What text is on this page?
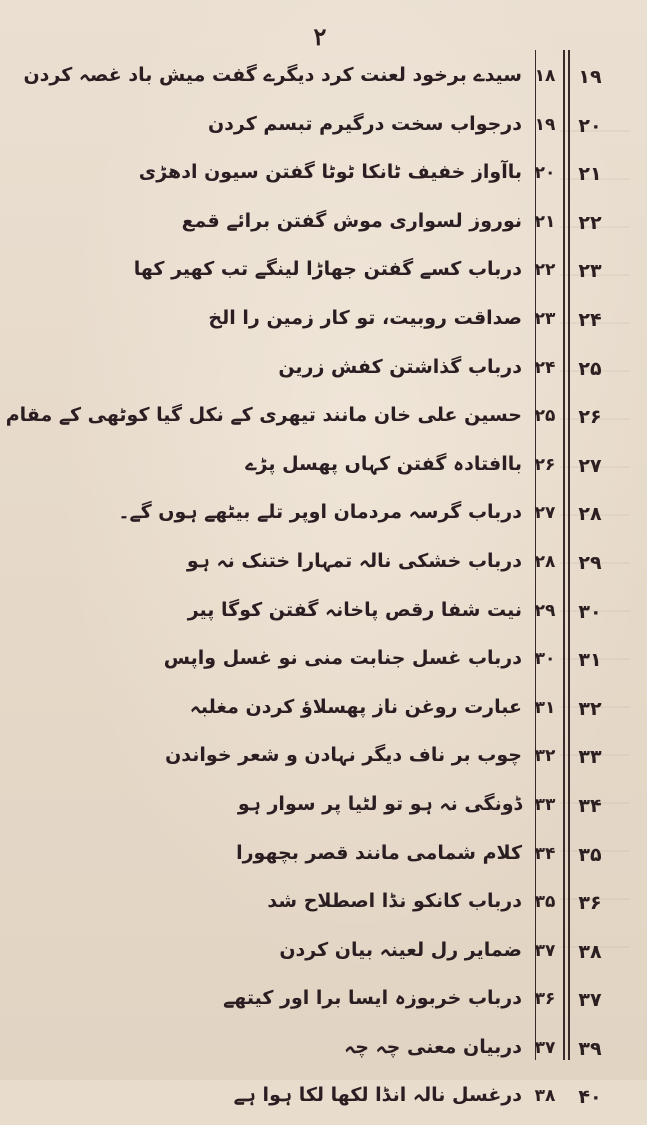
۲
۱۹
۱۸
سیدے برخود لعنت کرد دیگرے گفت میش باد غصہ کردن
۲۰
۱۹
درجواب سخت درگیرم تبسم کردن
۲۱
۲۰
باآواز خفیف ٹانکا ٹوٹا گفتن سیون ادھڑی
۲۲
۲۱
نوروز لسواری موش گفتن برائے قمع
۲۳
۲۲
درباب کسے گفتن جھاڑا لینگے تب کھیر کھا
۲۴
۲۳
صداقت روبیت، تو کار زمین را الخ
۲۵
۲۴
درباب گذاشتن کفش زرین
۲۶
۲۵
حسین علی خان مانند تیھری کے نکل گیا کوٹھی کے مقام
۲۷
۲۶
باافتادہ گفتن کہاں پھسل پڑے
۲۸
۲۷
درباب گرسہ مردمان اوپر تلے بیٹھے ہوں گے۔
۲۹
۲۸
درباب خشکی نالہ تمہارا ختنک نہ ہو
۳۰
۲۹
نیت شفا رقص پاخانہ گفتن کوگا پیر
۳۱
۳۰
درباب غسل جنابت منی نو غسل واپس
۳۲
۳۱
عبارت روغن ناز پھسلاؤ کردن مغلبہ
۳۳
۳۲
چوب بر ناف دیگر نہادن و شعر خواندن
۳۴
۳۳
ڈونگی نہ ہو تو لٹیا پر سوار ہو
۳۵
۳۴
کلام شمامی مانند قصر بچھورا
۳۶
۳۵
درباب کانکو نڈا اصطلاح شد
۳۸
۳۷
ضمایر رل لعینہ بیان کردن
۳۷
۳۶
درباب خربوزہ ایسا برا اور کیتھے
۳۹
۳۷
دربیان معنی چہ چہ
۴۰
۳۸
درغسل نالہ انڈا لکھا لکا ہوا ہے
